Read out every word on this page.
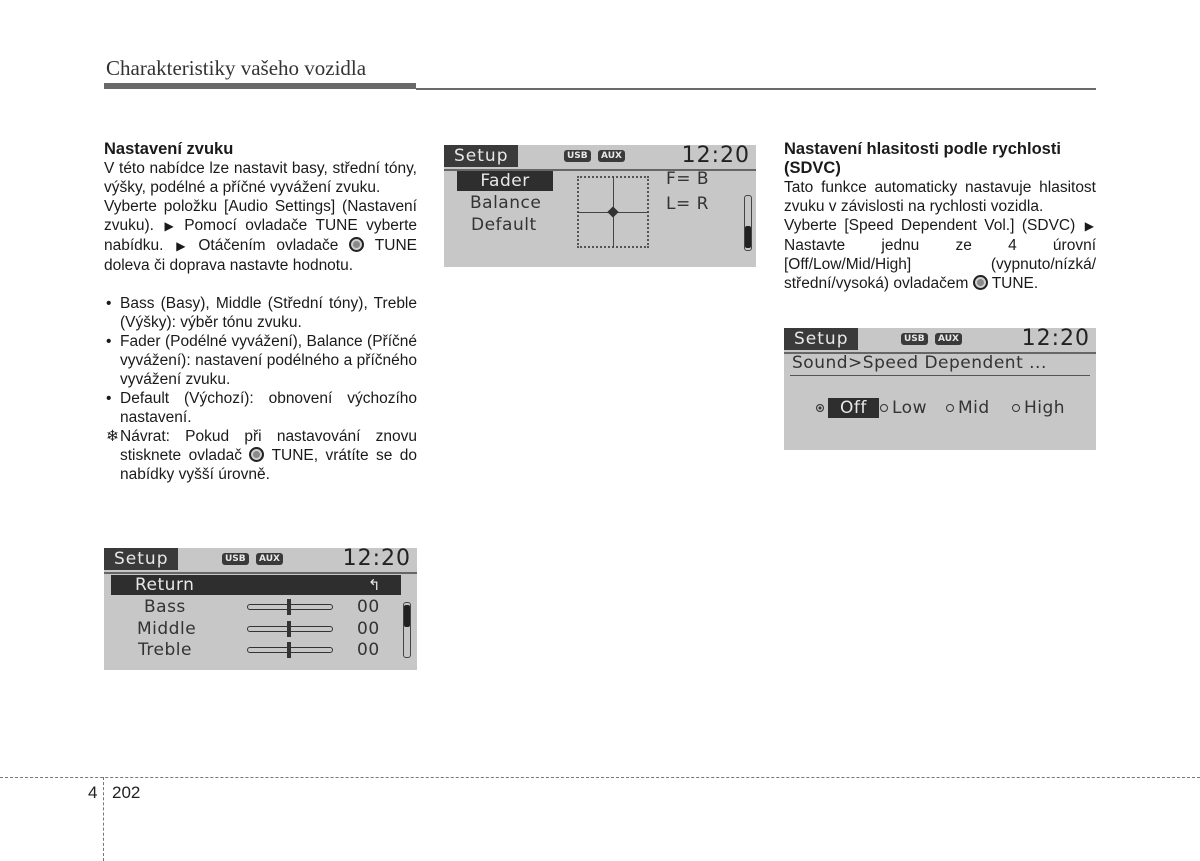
Charakteristiky vašeho vozidla
Nastavení zvuku

V této nabídce lze nastavit basy, střední tóny, výšky, podélné a příčné vyvážení zvuku.

Vyberte položku [Audio Settings] (Nastavení zvuku). ▶ Pomocí ovladače TUNE vyberte nabídku. ▶ Otáčením ovladače TUNE doleva či doprava nastavte hodnotu.

• Bass (Basy), Middle (Střední tóny), Treble (Výšky): výběr tónu zvuku.
• Fader (Podélné vyvážení), Balance (Příčné vyvážení): nastavení podélného a příčného vyvážení zvuku.
• Default (Výchozí): obnovení výchozího nastavení.
❄ Návrat: Pokud při nastavování znovu stisknete ovladač TUNE, vrátíte se do nabídky vyšší úrovně.
Setup	USB	AUX	12:20
Return	↰
Bass	00
Middle	00
Treble	00
Setup	USB	AUX	12:20
Fader
Balance
Default
F= B
L= R
Nastavení hlasitosti podle rychlosti (SDVC)

Tato funkce automaticky nastavuje hlasitost zvuku v závislosti na rychlosti vozidla.

Vyberte [Speed Dependent Vol.] (SDVC) ▶ Nastavte jednu ze 4 úrovní [Off/Low/Mid/High] (vypnuto/nízká/ střední/vysoká) ovladačem TUNE.

Setup	USB	AUX	12:20
Sound>Speed Dependent ...
Off	Low	Mid	High
4 202
